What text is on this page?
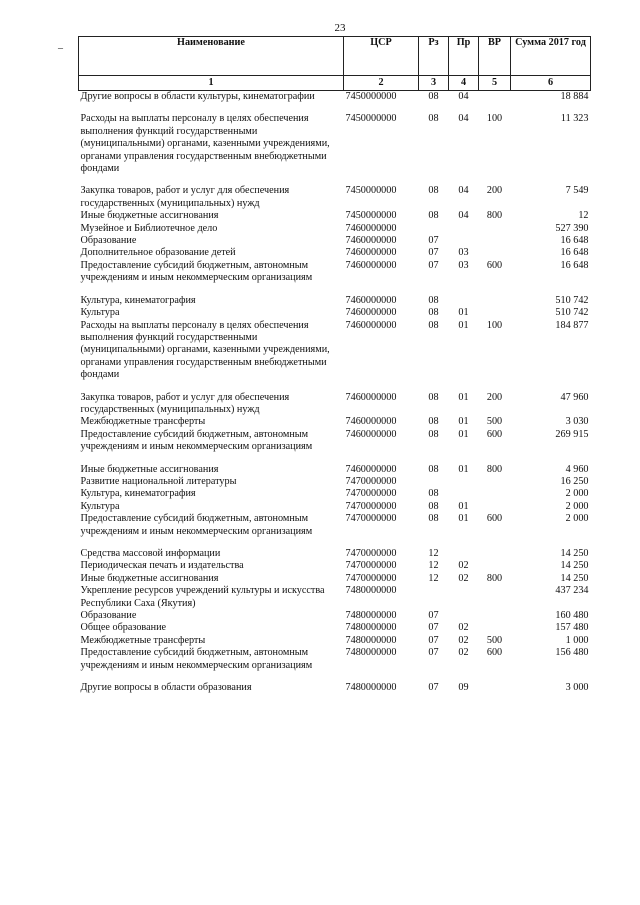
23
–
Наименование	ЦСР	Рз	Пр	ВР	Сумма 2017 год
1	2	3	4	5	6
Другие вопросы в области культуры, кинематографии	7450000000	08	04		18 884
Расходы на выплаты персоналу в целях обеспечения выполнения функций государственными (муниципальными) органами, казенными учреждениями, органами управления государственным внебюджетными фондами	7450000000	08	04	100	11 323
Закупка товаров, работ и услуг для обеспечения государственных (муниципальных) нужд	7450000000	08	04	200	7 549
Иные бюджетные ассигнования	7450000000	08	04	800	12
Музейное и Библиотечное дело	7460000000				527 390
Образование	7460000000	07			16 648
Дополнительное образование детей	7460000000	07	03		16 648
Предоставление субсидий бюджетным, автономным учреждениям и иным некоммерческим организациям	7460000000	07	03	600	16 648
Культура, кинематография	7460000000	08			510 742
Культура	7460000000	08	01		510 742
Расходы на выплаты персоналу в целях обеспечения выполнения функций государственными (муниципальными) органами, казенными учреждениями, органами управления государственным внебюджетными фондами	7460000000	08	01	100	184 877
Закупка товаров, работ и услуг для обеспечения государственных (муниципальных) нужд	7460000000	08	01	200	47 960
Межбюджетные трансферты	7460000000	08	01	500	3 030
Предоставление субсидий бюджетным, автономным учреждениям и иным некоммерческим организациям	7460000000	08	01	600	269 915
Иные бюджетные ассигнования	7460000000	08	01	800	4 960
Развитие национальной литературы	7470000000				16 250
Культура, кинематография	7470000000	08			2 000
Культура	7470000000	08	01		2 000
Предоставление субсидий бюджетным, автономным учреждениям и иным некоммерческим организациям	7470000000	08	01	600	2 000
Средства массовой информации	7470000000	12			14 250
Периодическая печать и издательства	7470000000	12	02		14 250
Иные бюджетные ассигнования	7470000000	12	02	800	14 250
Укрепление ресурсов учреждений культуры и искусства Республики Саха (Якутия)	7480000000				437 234
Образование	7480000000	07			160 480
Общее образование	7480000000	07	02		157 480
Межбюджетные трансферты	7480000000	07	02	500	1 000
Предоставление субсидий бюджетным, автономным учреждениям и иным некоммерческим организациям	7480000000	07	02	600	156 480
Другие вопросы в области образования	7480000000	07	09		3 000
